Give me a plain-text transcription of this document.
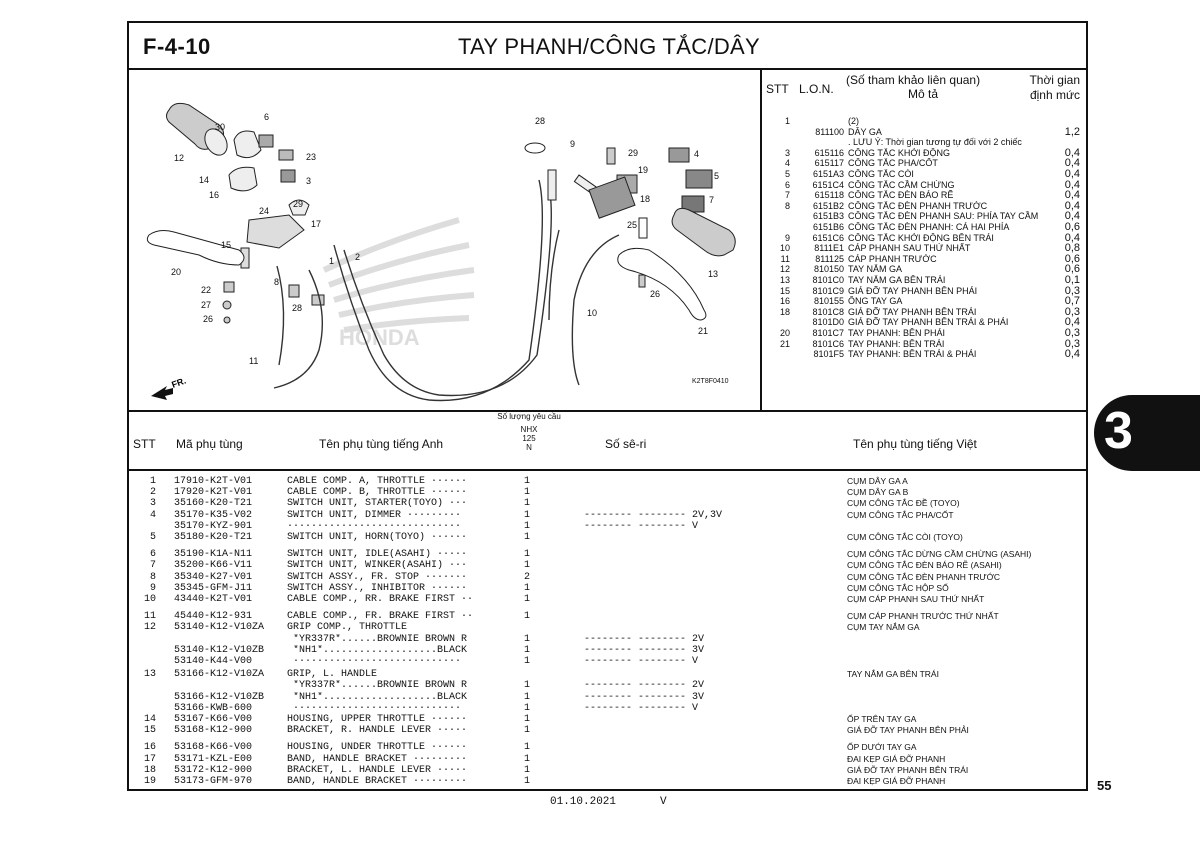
F-4-10	TAY PHANH/CÔNG TẮC/DÂY
HONDA
FR.
30
6
12	23
14	3
16
29
24
17
15
1 2
20
8
22
27
26
28
11
28
9
29	4
19
5
18	7
25
13
26
10
21
K2T8F0410
STT L.O.N.
(Số tham khảo liên quan)
Mô tả
Thời gian định mức
1	(2)
811100 DÂY GA	1,2
. LƯU Ý: Thời gian tương tự đối với 2 chiếc
3	615116 CÔNG TẮC KHỞI ĐỘNG	0,4
4	615117 CÔNG TẮC PHA/CỐT	0,4
5	6151A3 CÔNG TẮC CÒI	0,4
6	6151C4 CÔNG TẮC CẦM CHỪNG	0,4
7	615118 CÔNG TẮC ĐÈN BÁO RẼ	0,4
8	6151B2 CÔNG TẮC ĐÈN PHANH TRƯỚC	0,4
6151B3 CÔNG TẮC ĐÈN PHANH SAU: PHÍA TAY CẦM	0,4
6151B6 CÔNG TẮC ĐÈN PHANH: CẢ HAI PHÍA	0,6
9	6151C6 CÔNG TẮC KHỞI ĐỘNG BÊN TRÁI	0,4
10	8111E1 CÁP PHANH SAU THỨ NHẤT	0,8
11	811125 CÁP PHANH TRƯỚC	0,6
12	810150 TAY NẮM GA	0,6
13	8101C0 TAY NẮM GA BÊN TRÁI	0,1
15	8101C9 GIÁ ĐỠ TAY PHANH BÊN PHẢI	0,3
16	810155 ỐNG TAY GA	0,7
18	8101C8 GIÁ ĐỠ TAY PHANH BÊN TRÁI	0,3
8101D0 GIÁ ĐỠ TAY PHANH BÊN TRÁI & PHẢI	0,4
20	8101C7 TAY PHANH: BÊN PHẢI	0,3
21	8101C6 TAY PHANH: BÊN TRÁI	0,3
8101F5 TAY PHANH: BÊN TRÁI & PHẢI	0,4
STT Mã phụ tùng	Tên phụ tùng tiếng Anh
Số lượng yêu cầu
NHX
125
N	Số sê-ri	Tên phụ tùng tiếng Việt
1 17910-K2T-V01	CABLE COMP. A, THROTTLE ······	1	CỤM DÂY GA A
2 17920-K2T-V01	CABLE COMP. B, THROTTLE ······	1	CỤM DÂY GA B
3 35160-K20-T21	SWITCH UNIT, STARTER(TOYO) ···	1	CỤM CÔNG TẮC ĐỀ (TOYO)
4 35170-K35-V02	SWITCH UNIT, DIMMER ·········	1	-------- -------- 2V,3V	CỤM CÔNG TẮC PHA/CỐT
35170-KYZ-901	·····························	1	-------- -------- V
5 35180-K20-T21	SWITCH UNIT, HORN(TOYO) ······	1	CỤM CÔNG TẮC CÒI (TOYO)
6 35190-K1A-N11	SWITCH UNIT, IDLE(ASAHI) ·····	1	CỤM CÔNG TẮC DỪNG CẦM CHỪNG (ASAHI)
7 35200-K66-V11	SWITCH UNIT, WINKER(ASAHI) ···	1	CỤM CÔNG TẮC ĐÈN BÁO RẼ (ASAHI)
8 35340-K27-V01	SWITCH ASSY., FR. STOP ·······	2	CỤM CÔNG TẮC ĐÈN PHANH TRƯỚC
9 35345-GFM-J11	SWITCH ASSY., INHIBITOR ······	1	CỤM CÔNG TẮC HỘP SỐ
10 43440-K2T-V01	CABLE COMP., RR. BRAKE FIRST ··	1	CỤM CÁP PHANH SAU THỨ NHẤT
11 45440-K12-931	CABLE COMP., FR. BRAKE FIRST ··	1	CỤM CÁP PHANH TRƯỚC THỨ NHẤT
12 53140-K12-V10ZA GRIP COMP., THROTTLE	CỤM TAY NẮM GA
*YR337R*......BROWNIE BROWN R	1	-------- -------- 2V
53140-K12-V10ZB *NH1*...................BLACK	1	-------- -------- 3V
53140-K44-V00	····························	1	-------- -------- V
13 53166-K12-V10ZA GRIP, L. HANDLE	TAY NẮM GA BÊN TRÁI
*YR337R*......BROWNIE BROWN R	1	-------- -------- 2V
53166-K12-V10ZB *NH1*...................BLACK	1	-------- -------- 3V
53166-KWB-600	····························	1	-------- -------- V
14 53167-K66-V00	HOUSING, UPPER THROTTLE ······	1	ỐP TRÊN TAY GA
15 53168-K12-900	BRACKET, R. HANDLE LEVER ·····	1	GIÁ ĐỠ TAY PHANH BÊN PHẢI
16 53168-K66-V00	HOUSING, UNDER THROTTLE ······	1	ỐP DƯỚI TAY GA
17 53171-KZL-E00	BAND, HANDLE BRACKET ·········	1	ĐAI KẸP GIÁ ĐỠ PHANH
18 53172-K12-900	BRACKET, L. HANDLE LEVER ·····	1	GIÁ ĐỠ TAY PHANH BÊN TRÁI
19 53173-GFM-970	BAND, HANDLE BRACKET ·········	1	ĐAI KẸP GIÁ ĐỠ PHANH
3
55
01.10.2021	V
